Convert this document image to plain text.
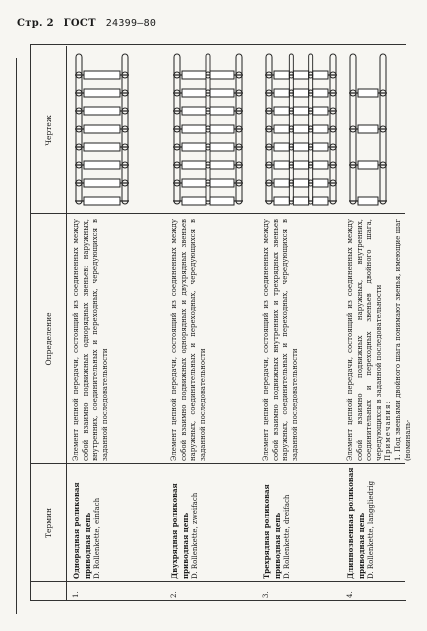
Стр. 2 ГОСТ 24399—80
Термин
Определение
Чертеж
1.
Однорядная роликовая приводная цепь D. Rollenkette, einfach
Элемент цепной передачи, состоящий из соединенных между собой взаимно подвижных однорядных звеньев: наружных, внутренних, соединительных и переходных, чередующихся в заданной последовательности
2.
Двухрядная роликовая приводная цепь D. Rollenkette, zweifach
Элемент цепной передачи, состоящий из соединенных между собой взаимно подвижных однорядных и двухрядных звеньев наружных, соединительных и переходных, чередующихся в заданной последовательности
3.
Трехрядная роликовая приводная цепь D. Rollenkette, dreifach
Элемент цепной передачи, состоящий из соединенных между собой взаимно подвижных внутренних и трехрядных звеньев наружных, соединительных и переходных, чередующихся в заданной последовательности
4.
Длиннозвенная роликовая приводная цепь D. Rollenkette, langgliedrig
Элемент цепной передачи, состоящий из соединенных между собой взаимно подвижных наружных, внутренних, соединительных и переходных звеньев двойного шага, чередующихся в заданной последовательности Примечания: 1. Под звеньями двойного шага понимают звенья, имеющие шаг (номиналь-
